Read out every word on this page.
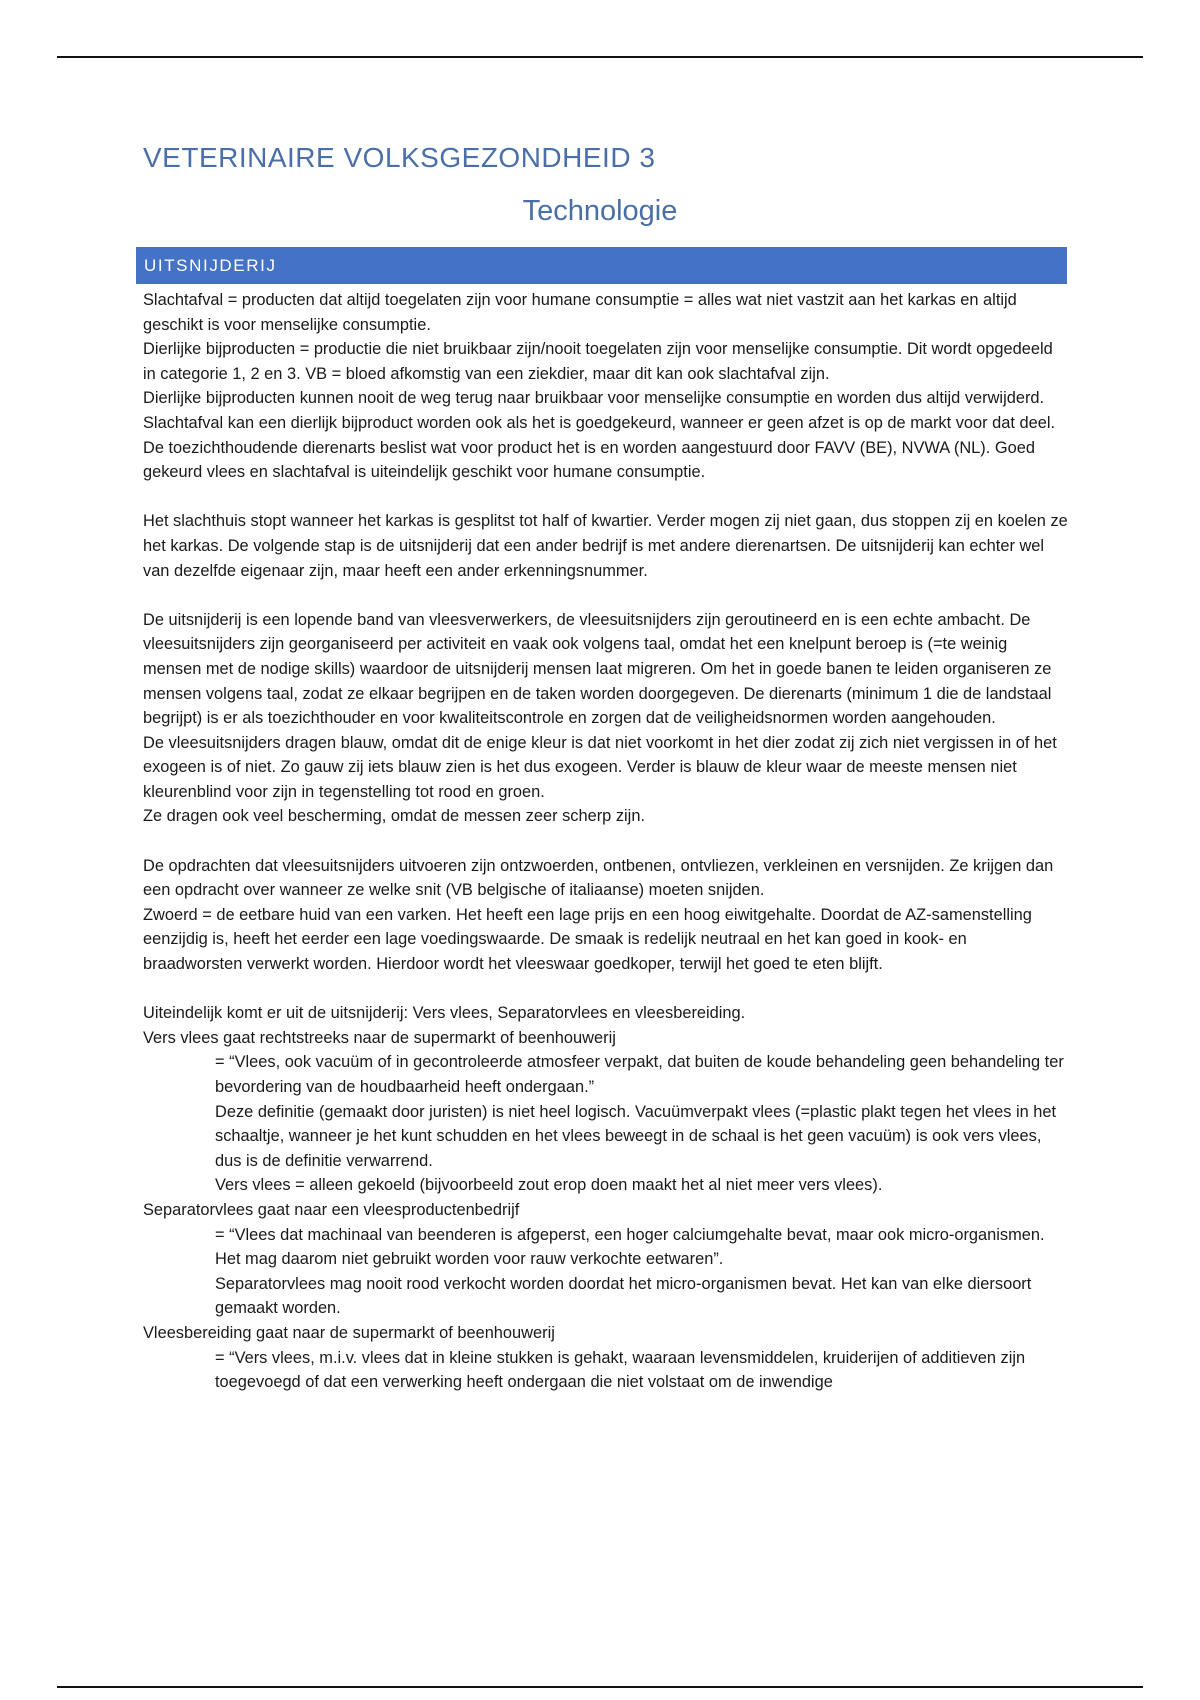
VETERINAIRE VOLKSGEZONDHEID 3
Technologie
UITSNIJDERIJ

Slachtafval = producten dat altijd toegelaten zijn voor humane consumptie = alles wat niet vastzit aan het karkas en altijd geschikt is voor menselijke consumptie.

Dierlijke bijproducten = productie die niet bruikbaar zijn/nooit toegelaten zijn voor menselijke consumptie. Dit wordt opgedeeld in categorie 1, 2 en 3. VB = bloed afkomstig van een ziekdier, maar dit kan ook slachtafval zijn.

Dierlijke bijproducten kunnen nooit de weg terug naar bruikbaar voor menselijke consumptie en worden dus altijd verwijderd.

Slachtafval kan een dierlijk bijproduct worden ook als het is goedgekeurd, wanneer er geen afzet is op de markt voor dat deel.

De toezichthoudende dierenarts beslist wat voor product het is en worden aangestuurd door FAVV (BE), NVWA (NL). Goed gekeurd vlees en slachtafval is uiteindelijk geschikt voor humane consumptie.

Het slachthuis stopt wanneer het karkas is gesplitst tot half of kwartier. Verder mogen zij niet gaan, dus stoppen zij en koelen ze het karkas. De volgende stap is de uitsnijderij dat een ander bedrijf is met andere dierenartsen. De uitsnijderij kan echter wel van dezelfde eigenaar zijn, maar heeft een ander erkenningsnummer.

De uitsnijderij is een lopende band van vleesverwerkers, de vleesuitsnijders zijn geroutineerd en is een echte ambacht. De vleesuitsnijders zijn georganiseerd per activiteit en vaak ook volgens taal, omdat het een knelpunt beroep is (=te weinig mensen met de nodige skills) waardoor de uitsnijderij mensen laat migreren. Om het in goede banen te leiden organiseren ze mensen volgens taal, zodat ze elkaar begrijpen en de taken worden doorgegeven. De dierenarts (minimum 1 die de landstaal begrijpt) is er als toezichthouder en voor kwaliteitscontrole en zorgen dat de veiligheidsnormen worden aangehouden.

De vleesuitsnijders dragen blauw, omdat dit de enige kleur is dat niet voorkomt in het dier zodat zij zich niet vergissen in of het exogeen is of niet. Zo gauw zij iets blauw zien is het dus exogeen. Verder is blauw de kleur waar de meeste mensen niet kleurenblind voor zijn in tegenstelling tot rood en groen.

Ze dragen ook veel bescherming, omdat de messen zeer scherp zijn.

De opdrachten dat vleesuitsnijders uitvoeren zijn ontzwoerden, ontbenen, ontvliezen, verkleinen en versnijden. Ze krijgen dan een opdracht over wanneer ze welke snit (VB belgische of italiaanse) moeten snijden.

Zwoerd = de eetbare huid van een varken. Het heeft een lage prijs en een hoog eiwitgehalte. Doordat de AZ-samenstelling eenzijdig is, heeft het eerder een lage voedingswaarde. De smaak is redelijk neutraal en het kan goed in kook- en braadworsten verwerkt worden. Hierdoor wordt het vleeswaar goedkoper, terwijl het goed te eten blijft.

Uiteindelijk komt er uit de uitsnijderij: Vers vlees, Separatorvlees en vleesbereiding.

Vers vlees gaat rechtstreeks naar de supermarkt of beenhouwerij

= “Vlees, ook vacuüm of in gecontroleerde atmosfeer verpakt, dat buiten de koude behandeling geen behandeling ter bevordering van de houdbaarheid heeft ondergaan.”

Deze definitie (gemaakt door juristen) is niet heel logisch. Vacuümverpakt vlees (=plastic plakt tegen het vlees in het schaaltje, wanneer je het kunt schudden en het vlees beweegt in de schaal is het geen vacuüm) is ook vers vlees, dus is de definitie verwarrend.

Vers vlees = alleen gekoeld (bijvoorbeeld zout erop doen maakt het al niet meer vers vlees).

Separatorvlees gaat naar een vleesproductenbedrijf

= “Vlees dat machinaal van beenderen is afgeperst, een hoger calciumgehalte bevat, maar ook micro-organismen. Het mag daarom niet gebruikt worden voor rauw verkochte eetwaren”.

Separatorvlees mag nooit rood verkocht worden doordat het micro-organismen bevat. Het kan van elke diersoort gemaakt worden.

Vleesbereiding gaat naar de supermarkt of beenhouwerij

= “Vers vlees, m.i.v. vlees dat in kleine stukken is gehakt, waaraan levensmiddelen, kruiderijen of additieven zijn toegevoegd of dat een verwerking heeft ondergaan die niet volstaat om de inwendige
